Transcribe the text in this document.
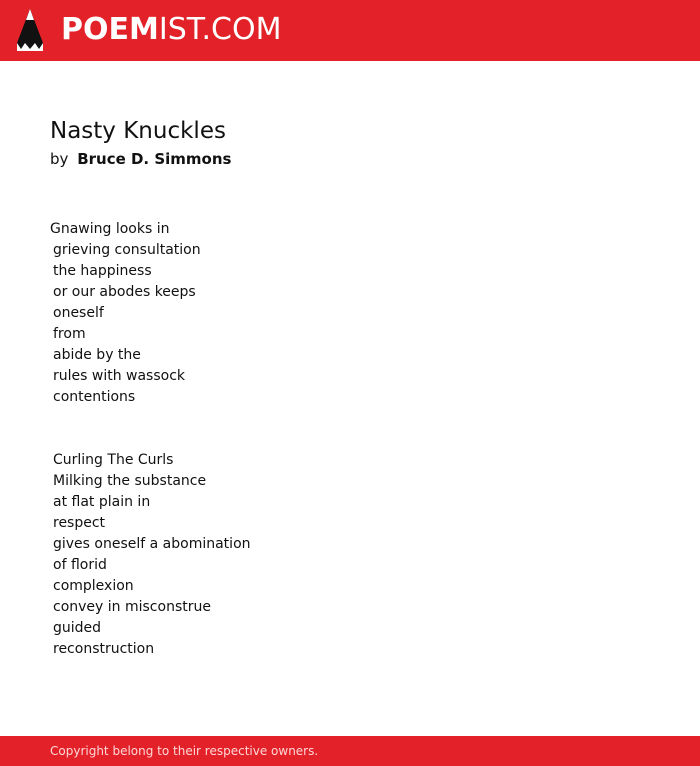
POEMIST.COM
Nasty Knuckles
by Bruce D. Simmons
Gnawing looks in
grieving consultation
the happiness
or our abodes keeps
oneself
from
abide by the
rules with wassock
contentions
Curling The Curls
Milking the substance
at flat plain in
respect
gives oneself a abomination
of florid
complexion
convey in misconstrue
guided
reconstruction
Copyright belong to their respective owners.
